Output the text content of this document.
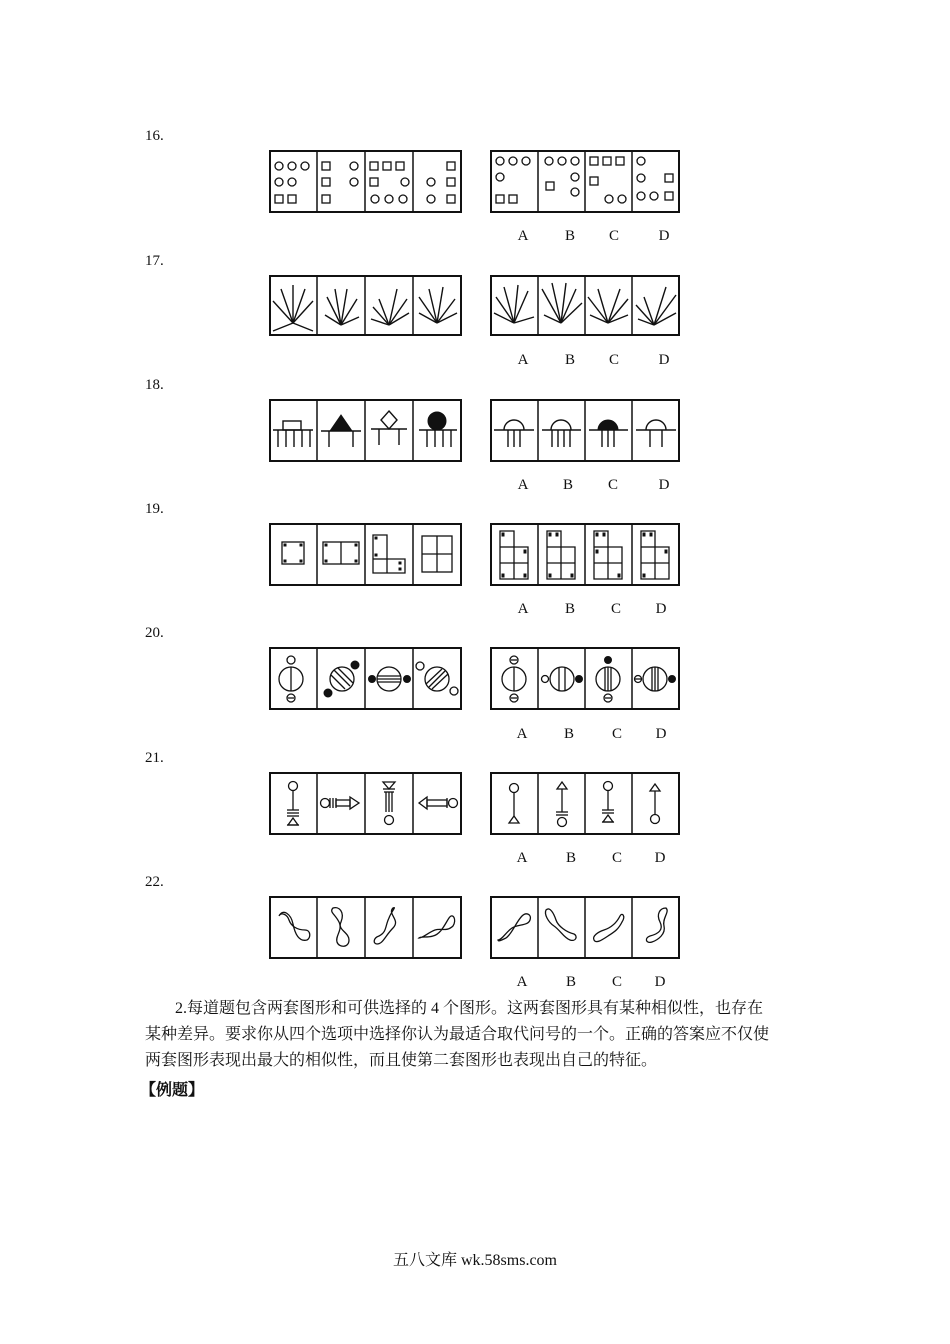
16.
A	B	C	D
17.
A	B	C	D
18.
A	B	C	D
19.
A	B	C	D
20.
A	B	C	D
21.
A	B	C	D
22.
A	B	C	D
2.每道题包含两套图形和可供选择的 4 个图形。这两套图形具有某种相似性，也存在
某种差异。要求你从四个选项中选择你认为最适合取代问号的一个。正确的答案应不仅使
两套图形表现出最大的相似性，而且使第二套图形也表现出自己的特征。
【例题】
五八文库 wk.58sms.com
